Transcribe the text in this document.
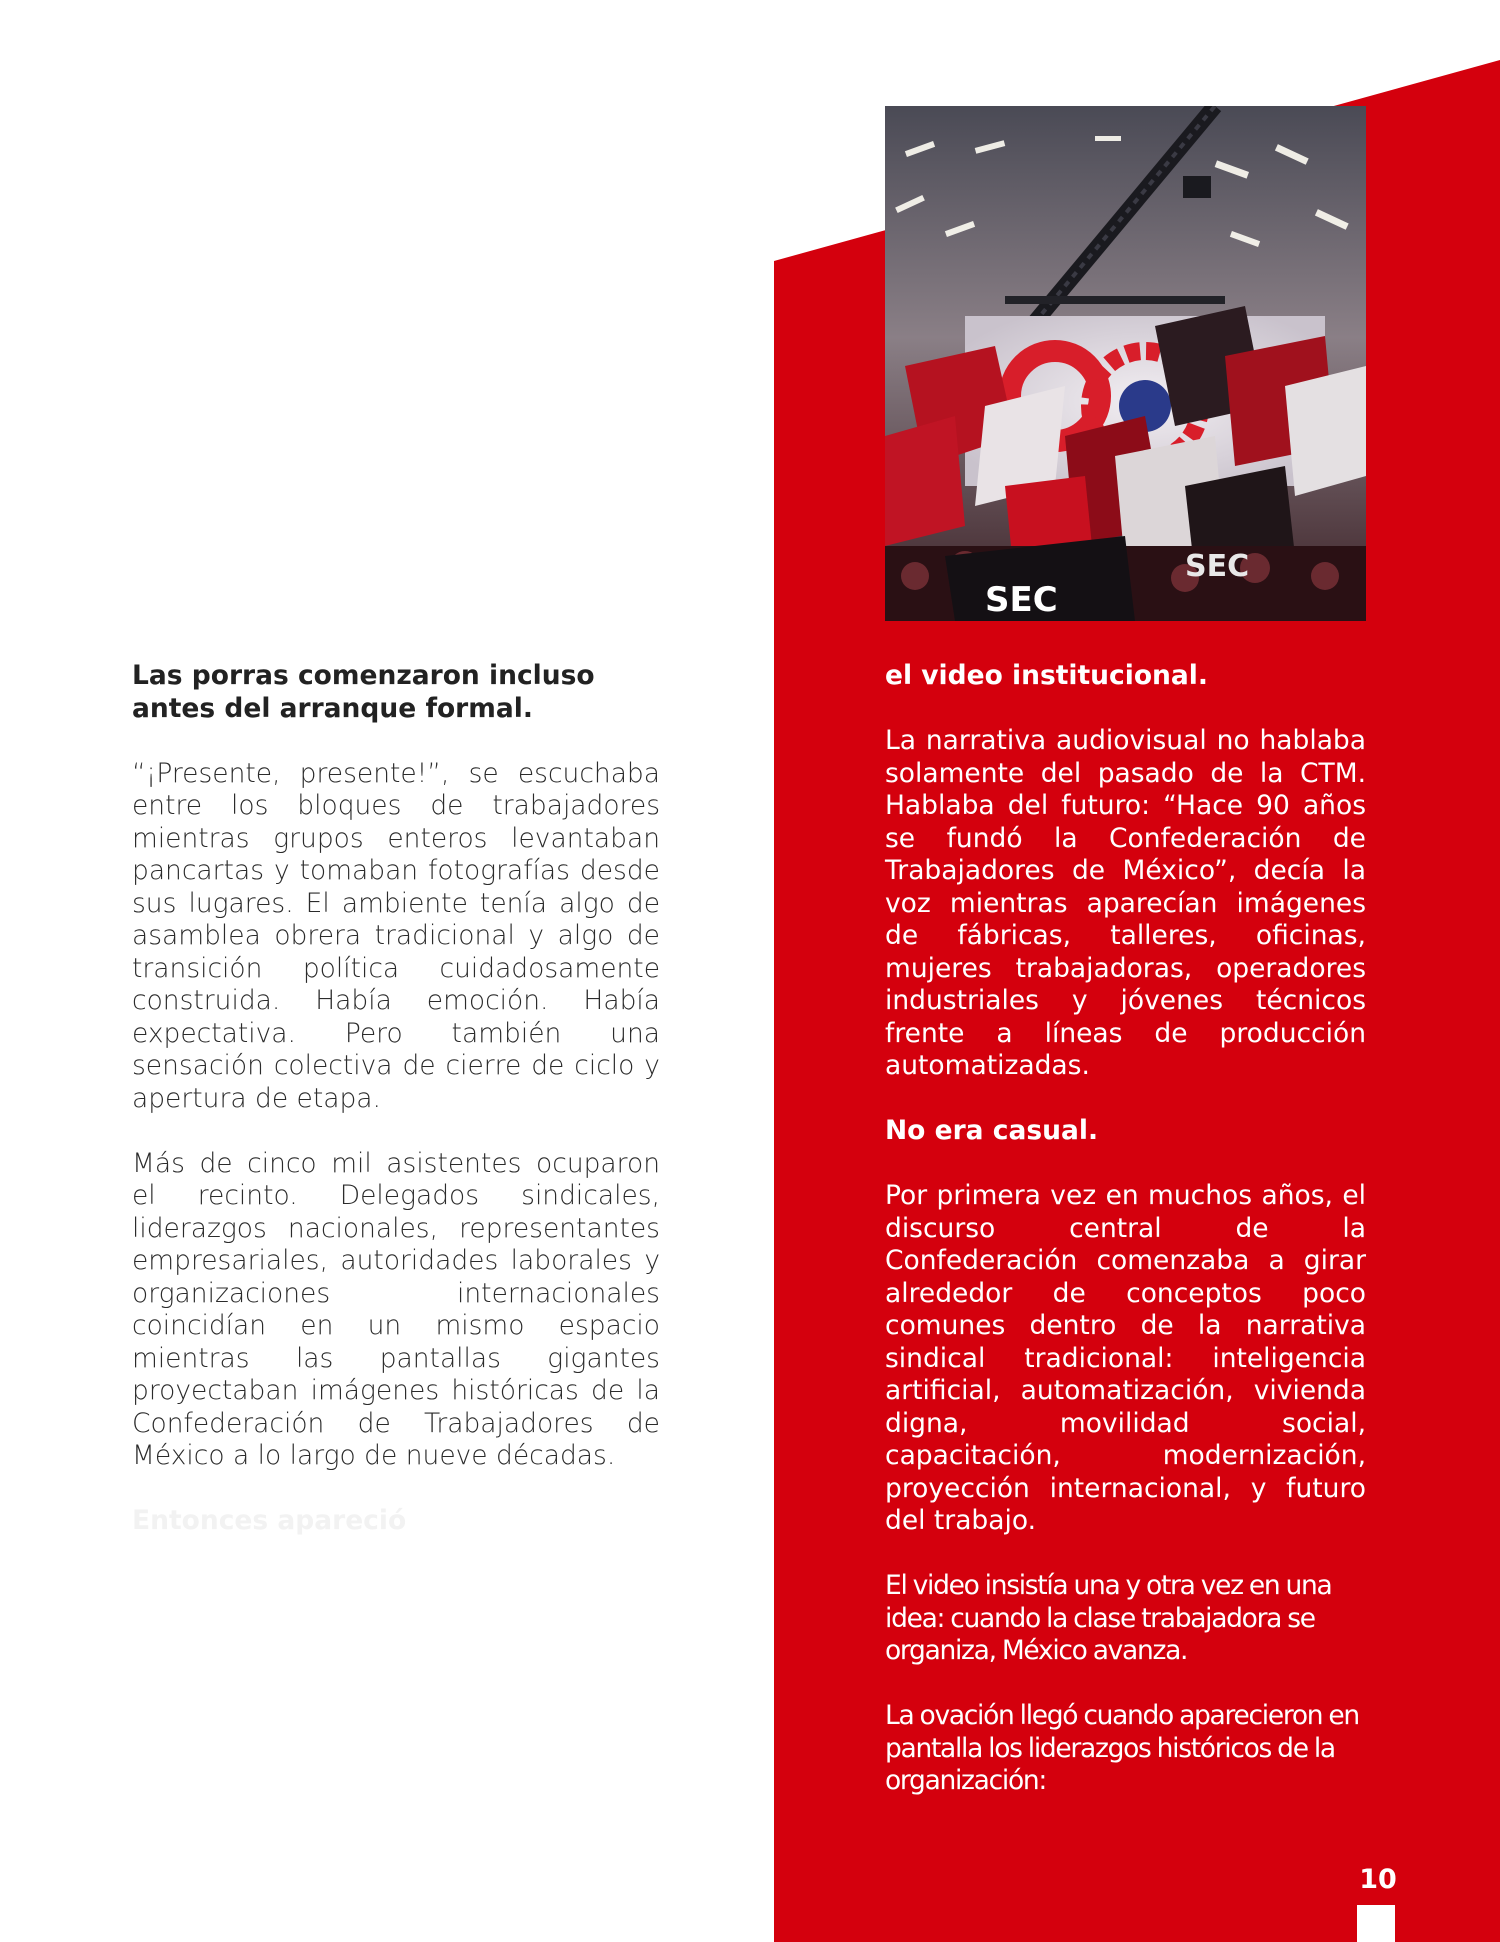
SEC
SEC

Las porras comenzaron incluso antes del arranque formal.

“¡Presente, presente!”, se escuchaba entre los bloques de trabajadores mientras grupos enteros levantaban pancartas y tomaban fotografías desde sus lugares. El ambiente tenía algo de asamblea obrera tradicional y algo de transición política cuidadosamente construida. Había emoción. Había expectativa. Pero también una sensación colectiva de cierre de ciclo y apertura de etapa.

Más de cinco mil asistentes ocuparon el recinto. Delegados sindicales, liderazgos nacionales, representantes empresariales, autoridades laborales y organizaciones internacionales coincidían en un mismo espacio mientras las pantallas gigantes proyectaban imágenes históricas de la Confederación de Trabajadores de México a lo largo de nueve décadas.

Entonces apareció

el video institucional.

La narrativa audiovisual no hablaba solamente del pasado de la CTM. Hablaba del futuro: “Hace 90 años se fundó la Confederación de Trabajadores de México”, decía la voz mientras aparecían imágenes de fábricas, talleres, oficinas, mujeres trabajadoras, operadores industriales y jóvenes técnicos frente a líneas de producción automatizadas.

No era casual.

Por primera vez en muchos años, el discurso central de la Confederación comenzaba a girar alrededor de conceptos poco comunes dentro de la narrativa sindical tradicional: inteligencia artificial, automatización, vivienda digna, movilidad social, capacitación, modernización, proyección internacional, y futuro del trabajo.

El video insistía una y otra vez en una idea: cuando la clase trabajadora se organiza, México avanza.

La ovación llegó cuando aparecieron en pantalla los liderazgos históricos de la organización:

10
